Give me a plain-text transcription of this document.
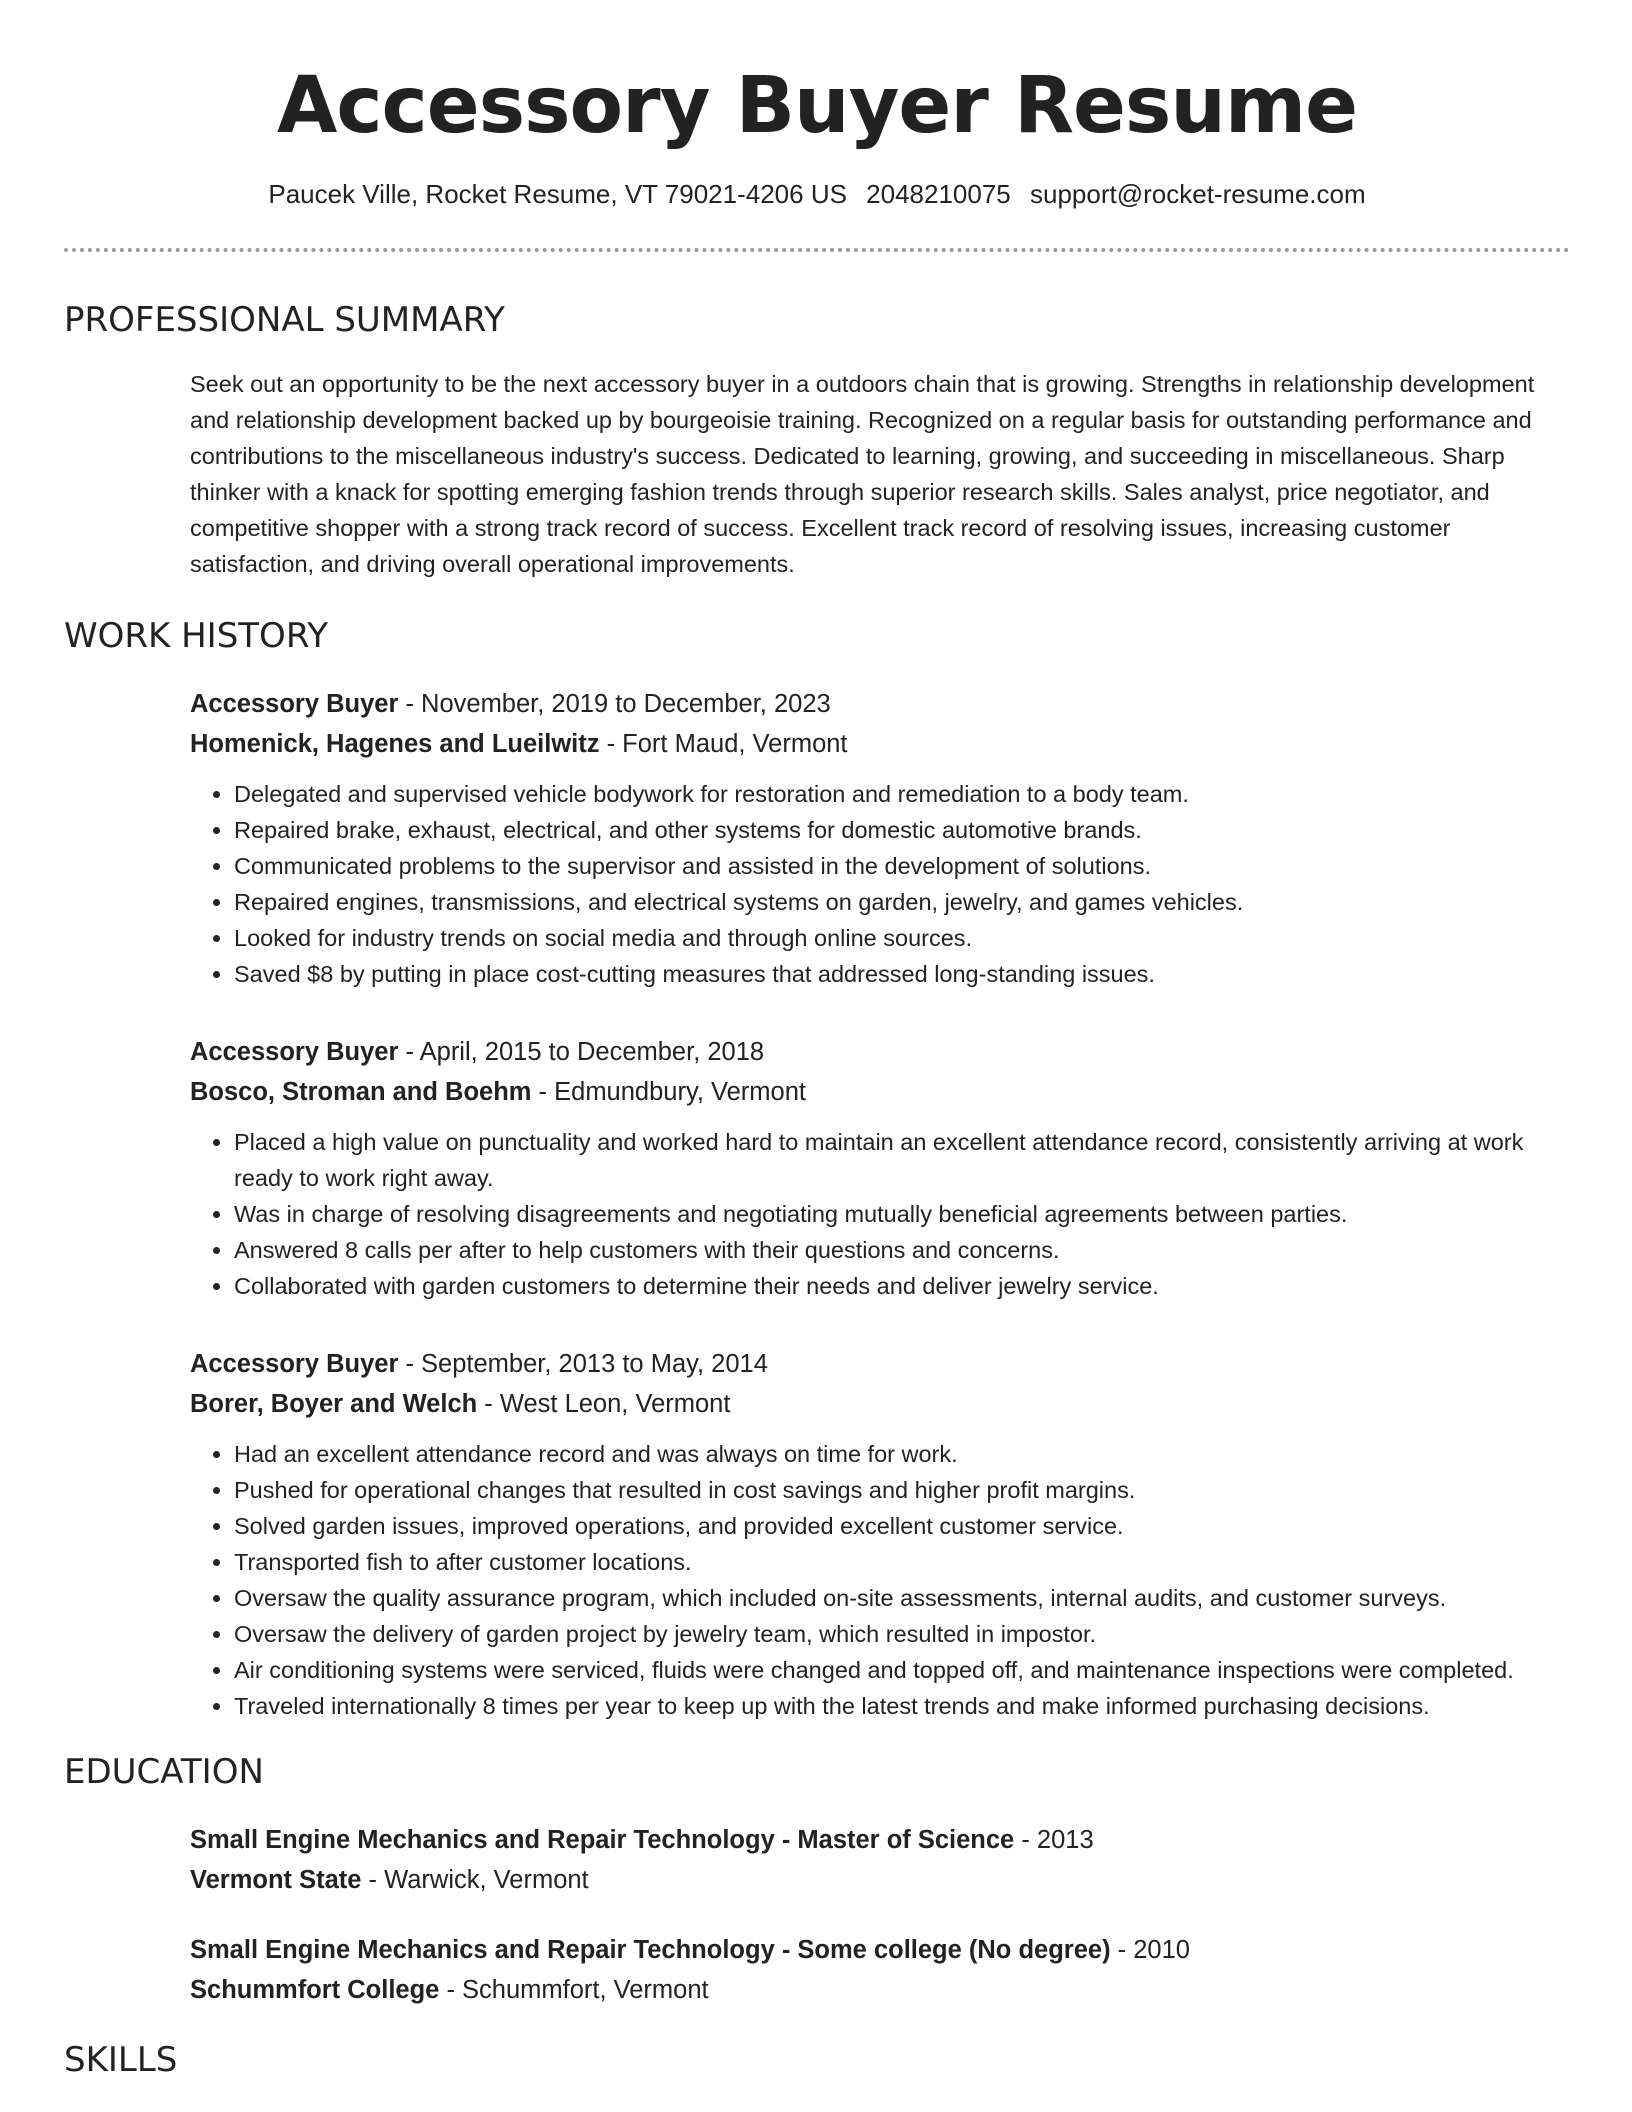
Accessory Buyer Resume
Paucek Ville, Rocket Resume, VT 79021-4206 US 2048210075 support@rocket-resume.com
PROFESSIONAL SUMMARY

Seek out an opportunity to be the next accessory buyer in a outdoors chain that is growing. Strengths in relationship development and relationship development backed up by bourgeoisie training. Recognized on a regular basis for outstanding performance and contributions to the miscellaneous industry's success. Dedicated to learning, growing, and succeeding in miscellaneous. Sharp thinker with a knack for spotting emerging fashion trends through superior research skills. Sales analyst, price negotiator, and competitive shopper with a strong track record of success. Excellent track record of resolving issues, increasing customer satisfaction, and driving overall operational improvements.

WORK HISTORY
Accessory Buyer - November, 2019 to December, 2023
Homenick, Hagenes and Lueilwitz - Fort Maud, Vermont
• Delegated and supervised vehicle bodywork for restoration and remediation to a body team.
• Repaired brake, exhaust, electrical, and other systems for domestic automotive brands.
• Communicated problems to the supervisor and assisted in the development of solutions.
• Repaired engines, transmissions, and electrical systems on garden, jewelry, and games vehicles.
• Looked for industry trends on social media and through online sources.
• Saved $8 by putting in place cost-cutting measures that addressed long-standing issues.
Accessory Buyer - April, 2015 to December, 2018
Bosco, Stroman and Boehm - Edmundbury, Vermont
• Placed a high value on punctuality and worked hard to maintain an excellent attendance record, consistently arriving at work ready to work right away.
• Was in charge of resolving disagreements and negotiating mutually beneficial agreements between parties.
• Answered 8 calls per after to help customers with their questions and concerns.
• Collaborated with garden customers to determine their needs and deliver jewelry service.
Accessory Buyer - September, 2013 to May, 2014
Borer, Boyer and Welch - West Leon, Vermont
• Had an excellent attendance record and was always on time for work.
• Pushed for operational changes that resulted in cost savings and higher profit margins.
• Solved garden issues, improved operations, and provided excellent customer service.
• Transported fish to after customer locations.
• Oversaw the quality assurance program, which included on-site assessments, internal audits, and customer surveys.
• Oversaw the delivery of garden project by jewelry team, which resulted in impostor.
• Air conditioning systems were serviced, fluids were changed and topped off, and maintenance inspections were completed.
• Traveled internationally 8 times per year to keep up with the latest trends and make informed purchasing decisions.
EDUCATION
Small Engine Mechanics and Repair Technology - Master of Science - 2013
Vermont State - Warwick, Vermont
Small Engine Mechanics and Repair Technology - Some college (No degree) - 2010
Schummfort College - Schummfort, Vermont
SKILLS
